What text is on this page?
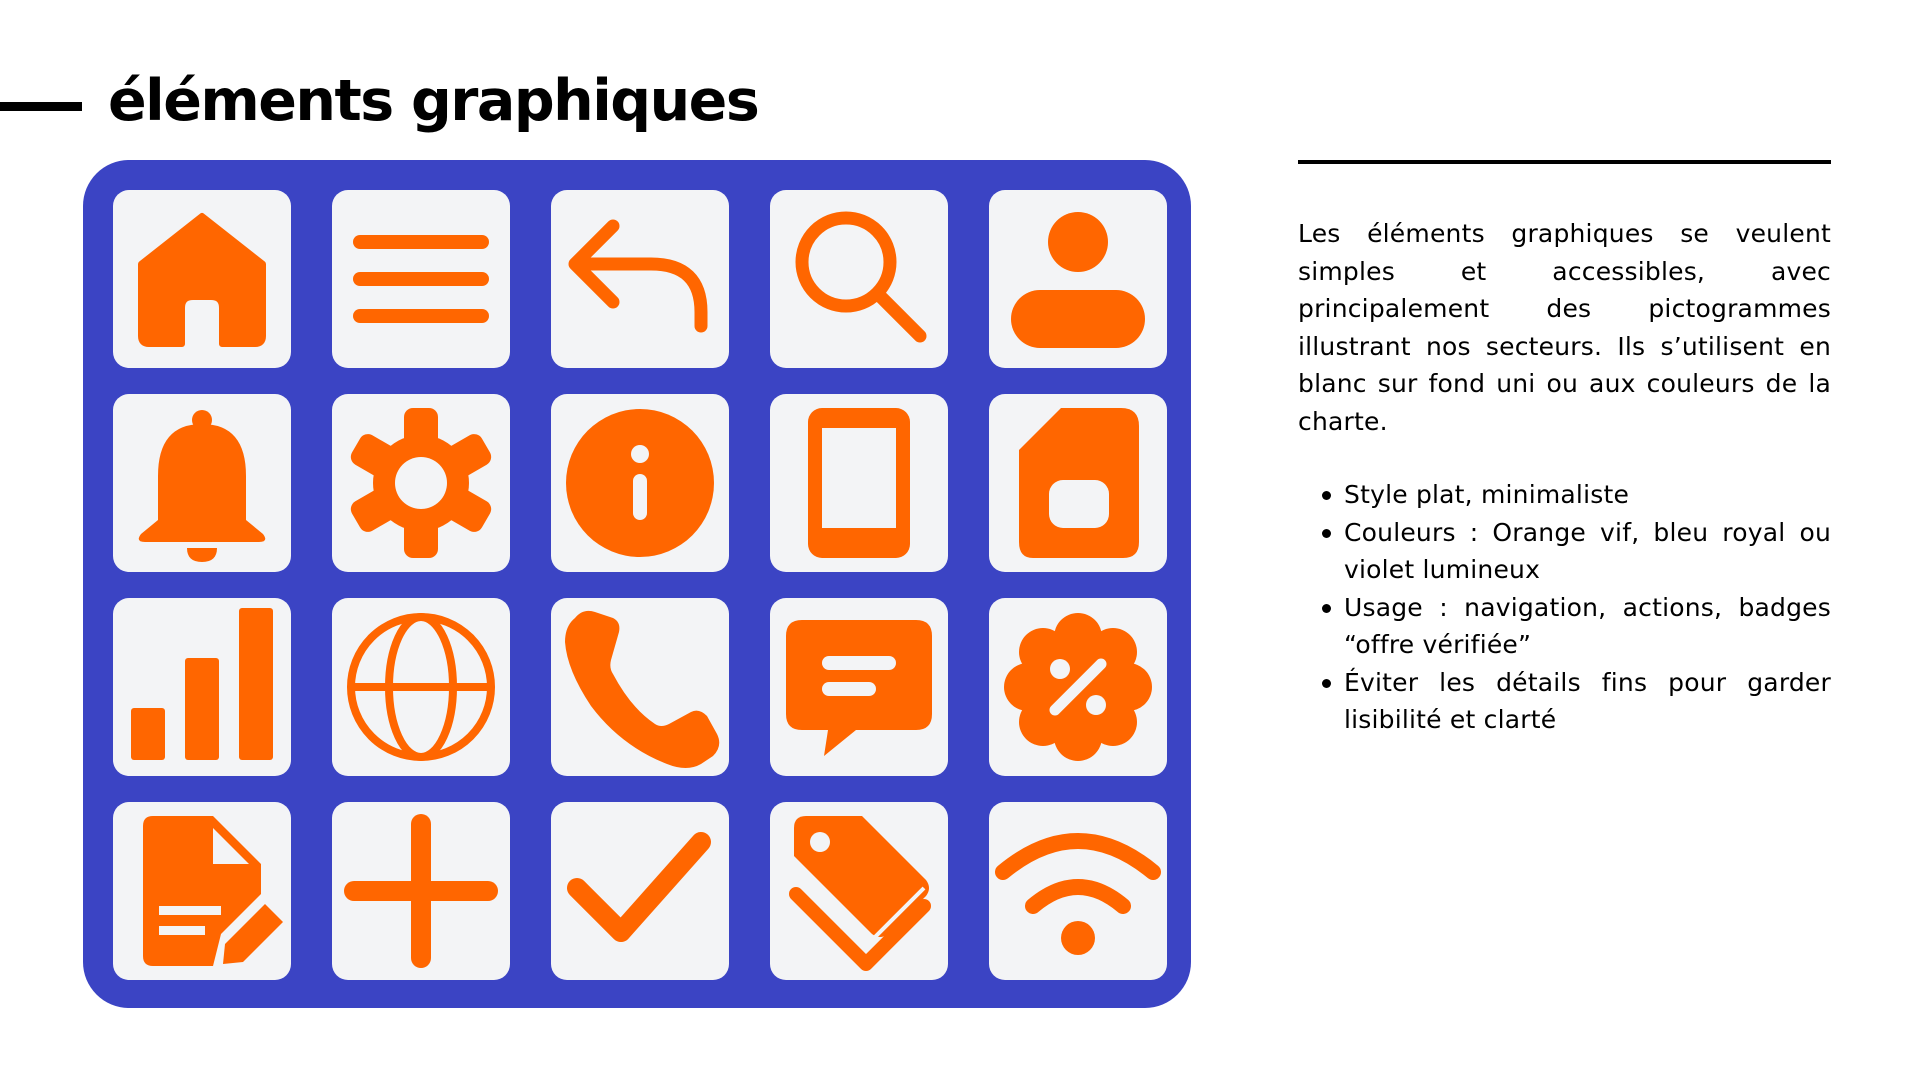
éléments graphiques

Les éléments graphiques se veulent simples et accessibles, avec principalement des pictogrammes illustrant nos secteurs. Ils s’utilisent en blanc sur fond uni ou aux couleurs de la charte.

Style plat, minimaliste
Couleurs : Orange vif, bleu royal ou violet lumineux
Usage : navigation, actions, badges “offre vérifiée”
Éviter les détails fins pour garder lisibilité et clarté
